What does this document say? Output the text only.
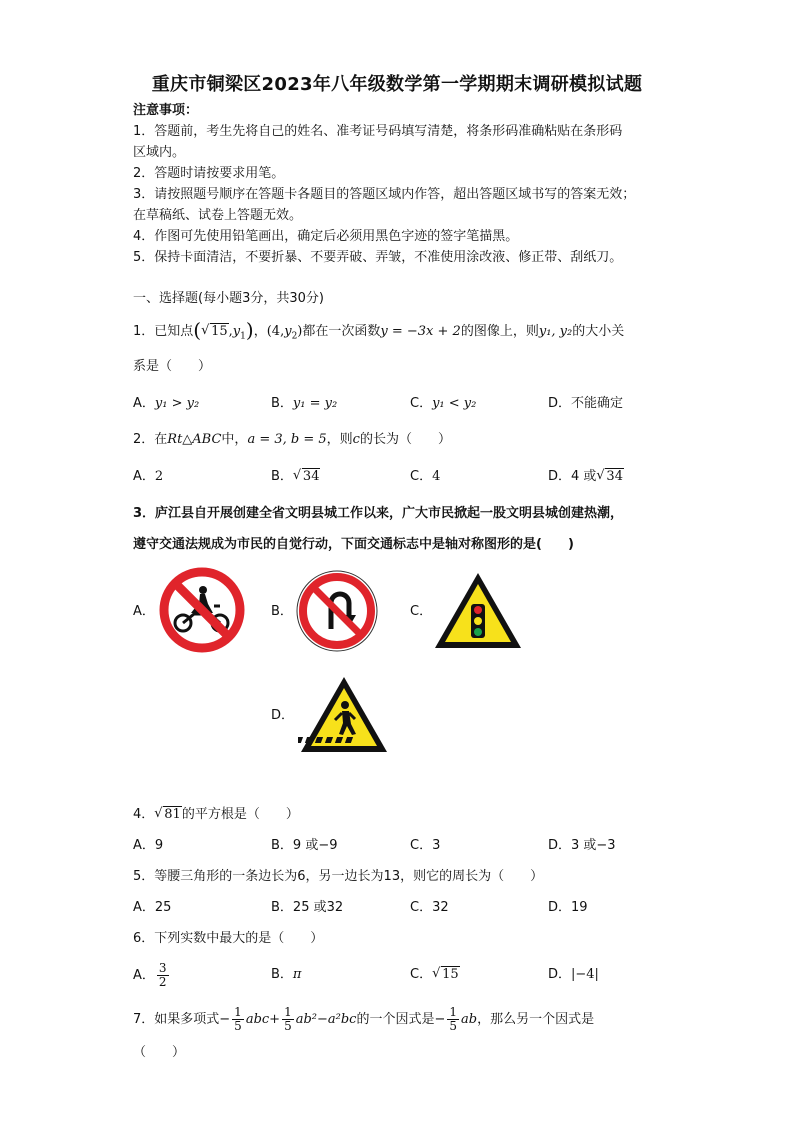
重庆市铜梁区2023年八年级数学第一学期期末调研模拟试题
注意事项：
1．答题前，考生先将自己的姓名、准考证号码填写清楚，将条形码准确粘贴在条形码
区域内。
2．答题时请按要求用笔。
3．请按照题号顺序在答题卡各题目的答题区域内作答，超出答题区域书写的答案无效；
在草稿纸、试卷上答题无效。
4．作图可先使用铅笔画出，确定后必须用黑色字迹的签字笔描黑。
5．保持卡面清洁，不要折暴、不要弄破、弄皱，不准使用涂改液、修正带、刮纸刀。
一、选择题(每小题3分，共30分)
1．已知点( √ $15,y_1$)，$(4,y_2)$都在一次函数y = −3x + 2的图像上，则y₁, y₂的大小关
系是（　　）
A．y₁ > y₂	B．y₁ = y₂	C．y₁ < y₂	D．不能确定
2．在Rt△ABC中，a = 3, b = 5，则c的长为（　　）
A．2	B． √ 34	C．4	D．4 或 √ 34
3．庐江县自开展创建全省文明县城工作以来，广大市民掀起一股文明县城创建热潮，
遵守交通法规成为市民的自觉行动，下面交通标志中是轴对称图形的是(　　)
A．	B．	C．
D．
4． √ 81的平方根是（　　）
A．9	B．9 或−9	C．3	D．3 或−3
5．等腰三角形的一条边长为6，另一边长为13，则它的周长为（　　）
A．25	B．25 或32	C．32	D．19
6．下列实数中最大的是（　　）
A． $\frac{3}{2}$	B．π	C． √ 15	D．|−4|
7．如果多项式− $\frac{1}{5} abc+ \frac{1}{5} ab^2-a^2bc$的一个因式是− $\frac{1}{5}$ ab，那么另一个因式是
（　　）
